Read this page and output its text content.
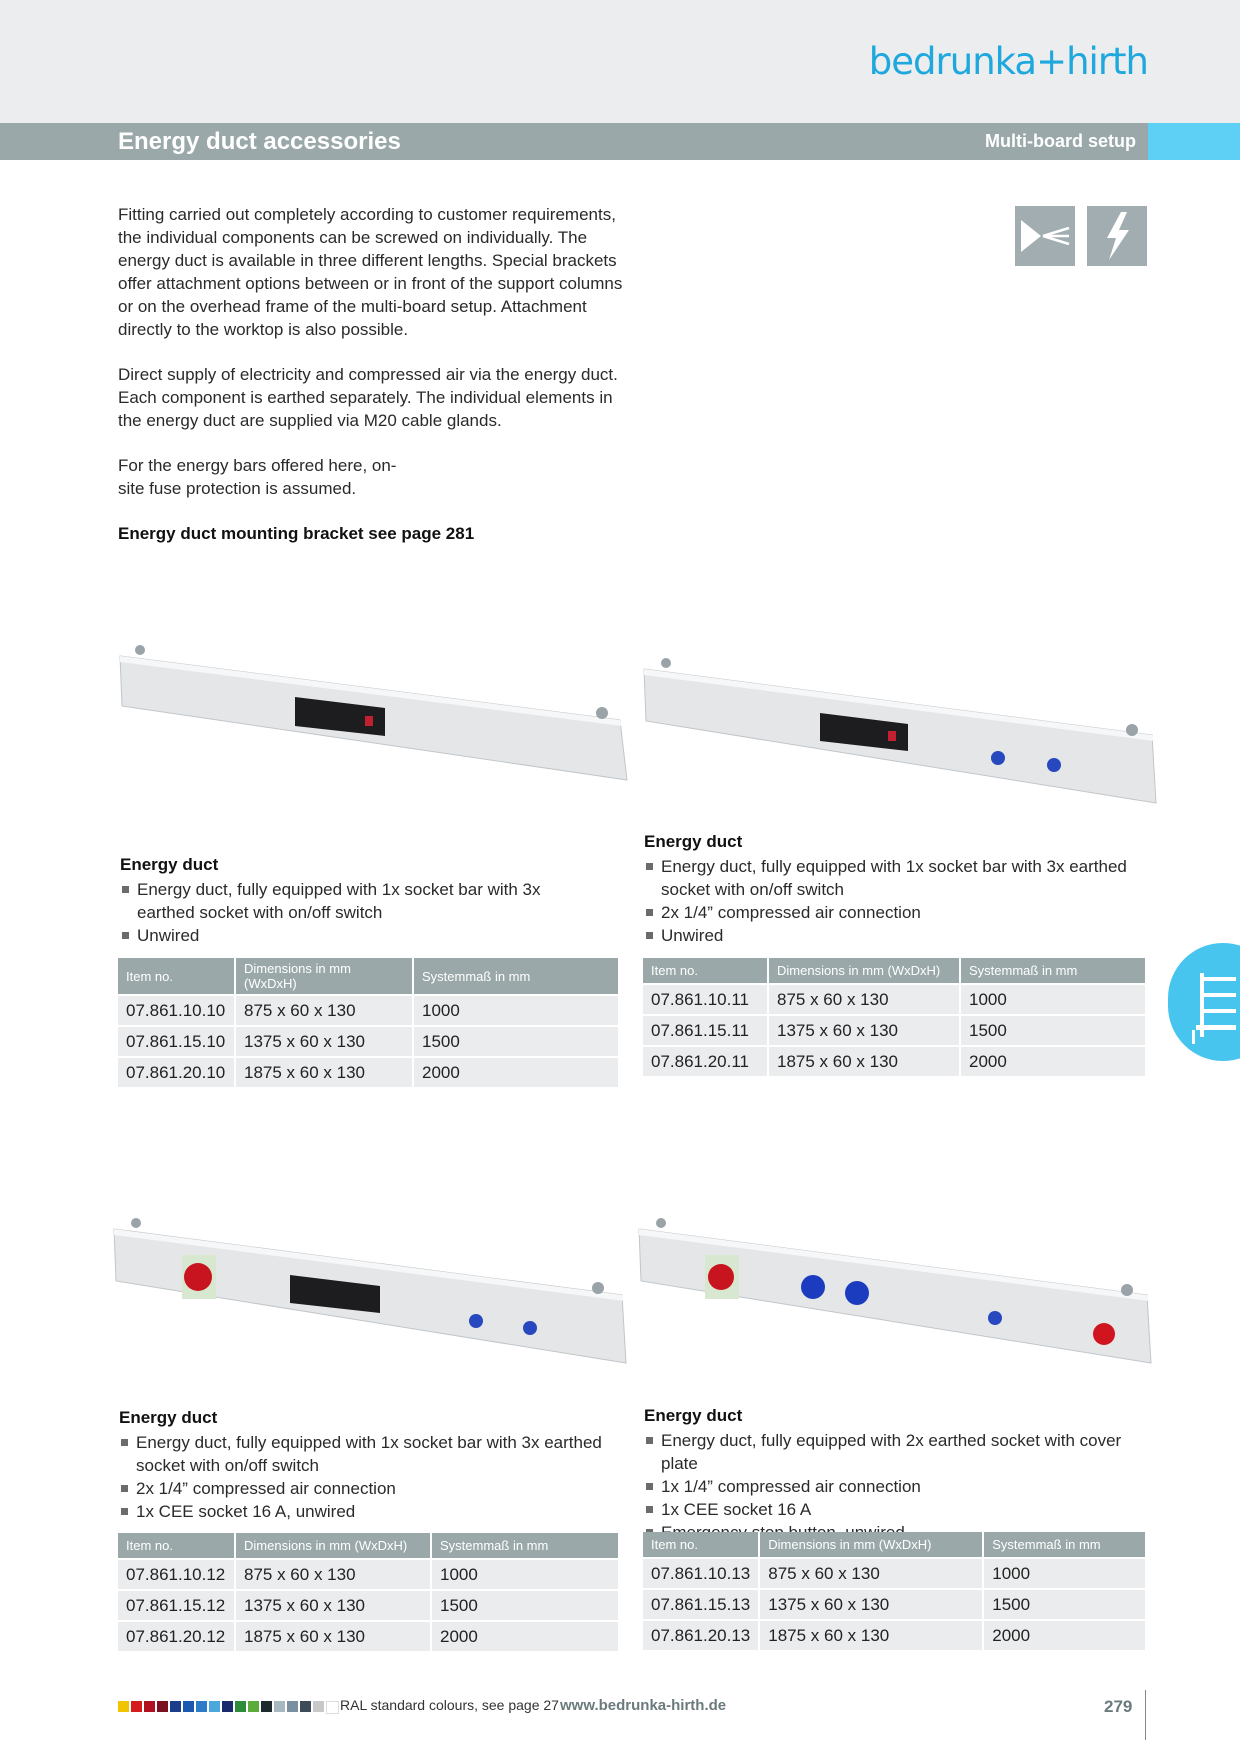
bedrunka+hirth
Energy duct accessories	Multi-board setup

Fitting carried out completely according to customer requirements, the individual components can be screwed on individually. The energy duct is available in three different lengths. Special brackets offer attachment options between or in front of the support columns or on the overhead frame of the multi-board setup. Attachment directly to the worktop is also possible.

Direct supply of electricity and compressed air via the energy duct. Each component is earthed separately. The individual elements in the energy duct are supplied via M20 cable glands.

For the energy bars offered here, on-site fuse protection is assumed.

Energy duct mounting bracket see page 281

Energy duct
Energy duct, fully equipped with 1x socket bar with 3x earthed socket with on/off switch
Unwired
Item no.	Dimensions in mm (WxDxH)	Systemmaß in mm
07.861.10.10	875 x 60 x 130	1000
07.861.15.10	1375 x 60 x 130	1500
07.861.20.10	1875 x 60 x 130	2000
Energy duct
Energy duct, fully equipped with 1x socket bar with 3x earthed socket with on/off switch
2x 1/4” compressed air connection
Unwired
Item no.	Dimensions in mm (WxDxH)	Systemmaß in mm
07.861.10.11	875 x 60 x 130	1000
07.861.15.11	1375 x 60 x 130	1500
07.861.20.11	1875 x 60 x 130	2000
Energy duct
Energy duct, fully equipped with 1x socket bar with 3x earthed socket with on/off switch
2x 1/4” compressed air connection
1x CEE socket 16 A, unwired
Item no.	Dimensions in mm (WxDxH)	Systemmaß in mm
07.861.10.12	875 x 60 x 130	1000
07.861.15.12	1375 x 60 x 130	1500
07.861.20.12	1875 x 60 x 130	2000
Energy duct
Energy duct, fully equipped with 2x earthed socket with cover plate
1x 1/4” compressed air connection
1x CEE socket 16 A
Item no.	Dimensions in mm (WxDxH)	Systemmaß in mm
07.861.10.13	875 x 60 x 130	1000
07.861.15.13	1375 x 60 x 130	1500
07.861.20.13	1875 x 60 x 130	2000
RAL standard colours, see page 27 www.bedrunka-hirth.de	279
